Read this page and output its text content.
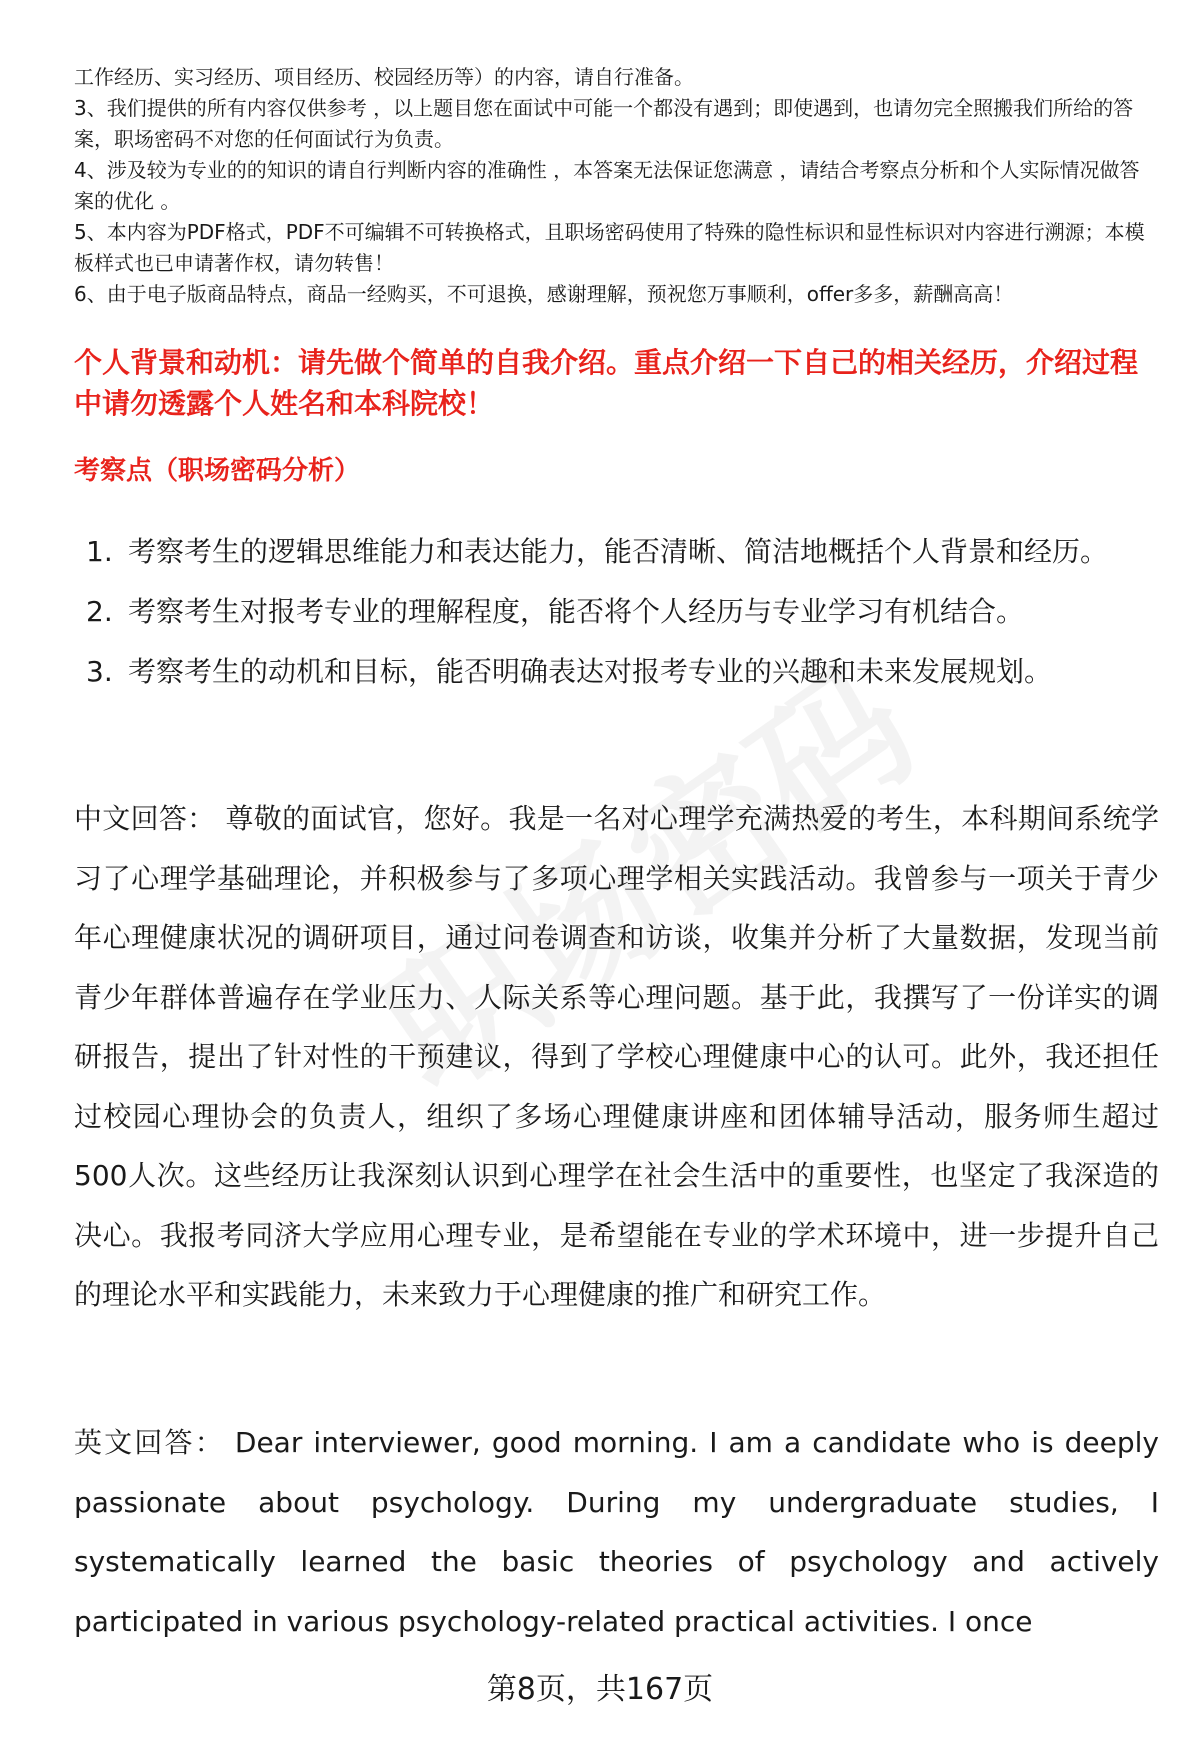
工作经历、实习经历、项目经历、校园经历等）的内容，请自行准备。

3、我们提供的所有内容仅供参考 ，以上题目您在面试中可能一个都没有遇到；即使遇到，也请勿完全照搬我们所给的答案，职场密码不对您的任何面试行为负责。

4、涉及较为专业的的知识的请自行判断内容的准确性 ，本答案无法保证您满意 ，请结合考察点分析和个人实际情况做答案的优化 。

5、本内容为PDF格式，PDF不可编辑不可转换格式，且职场密码使用了特殊的隐性标识和显性标识对内容进行溯源；本模板样式也已申请著作权，请勿转售！

6、由于电子版商品特点，商品一经购买，不可退换，感谢理解，预祝您万事顺利，offer多多，薪酬高高！

个人背景和动机：请先做个简单的自我介绍。重点介绍一下自己的相关经历，介绍过程中请勿透露个人姓名和本科院校！

考察点（职场密码分析）

1. 考察考生的逻辑思维能力和表达能力，能否清晰、简洁地概括个人背景和经历。
2. 考察考生对报考专业的理解程度，能否将个人经历与专业学习有机结合。
3. 考察考生的动机和目标，能否明确表达对报考专业的兴趣和未来发展规划。

中文回答： 尊敬的面试官，您好。我是一名对心理学充满热爱的考生，本科期间系统学习了心理学基础理论，并积极参与了多项心理学相关实践活动。我曾参与一项关于青少年心理健康状况的调研项目，通过问卷调查和访谈，收集并分析了大量数据，发现当前青少年群体普遍存在学业压力、人际关系等心理问题。基于此，我撰写了一份详实的调研报告，提出了针对性的干预建议，得到了学校心理健康中心的认可。此外，我还担任过校园心理协会的负责人，组织了多场心理健康讲座和团体辅导活动，服务师生超过500人次。这些经历让我深刻认识到心理学在社会生活中的重要性，也坚定了我深造的决心。我报考同济大学应用心理专业，是希望能在专业的学术环境中，进一步提升自己的理论水平和实践能力，未来致力于心理健康的推广和研究工作。

英文回答： Dear interviewer, good morning. I am a candidate who is deeply passionate about psychology. During my undergraduate studies, I systematically learned the basic theories of psychology and actively participated in various psychology-related practical activities. I once

第8页，共167页
